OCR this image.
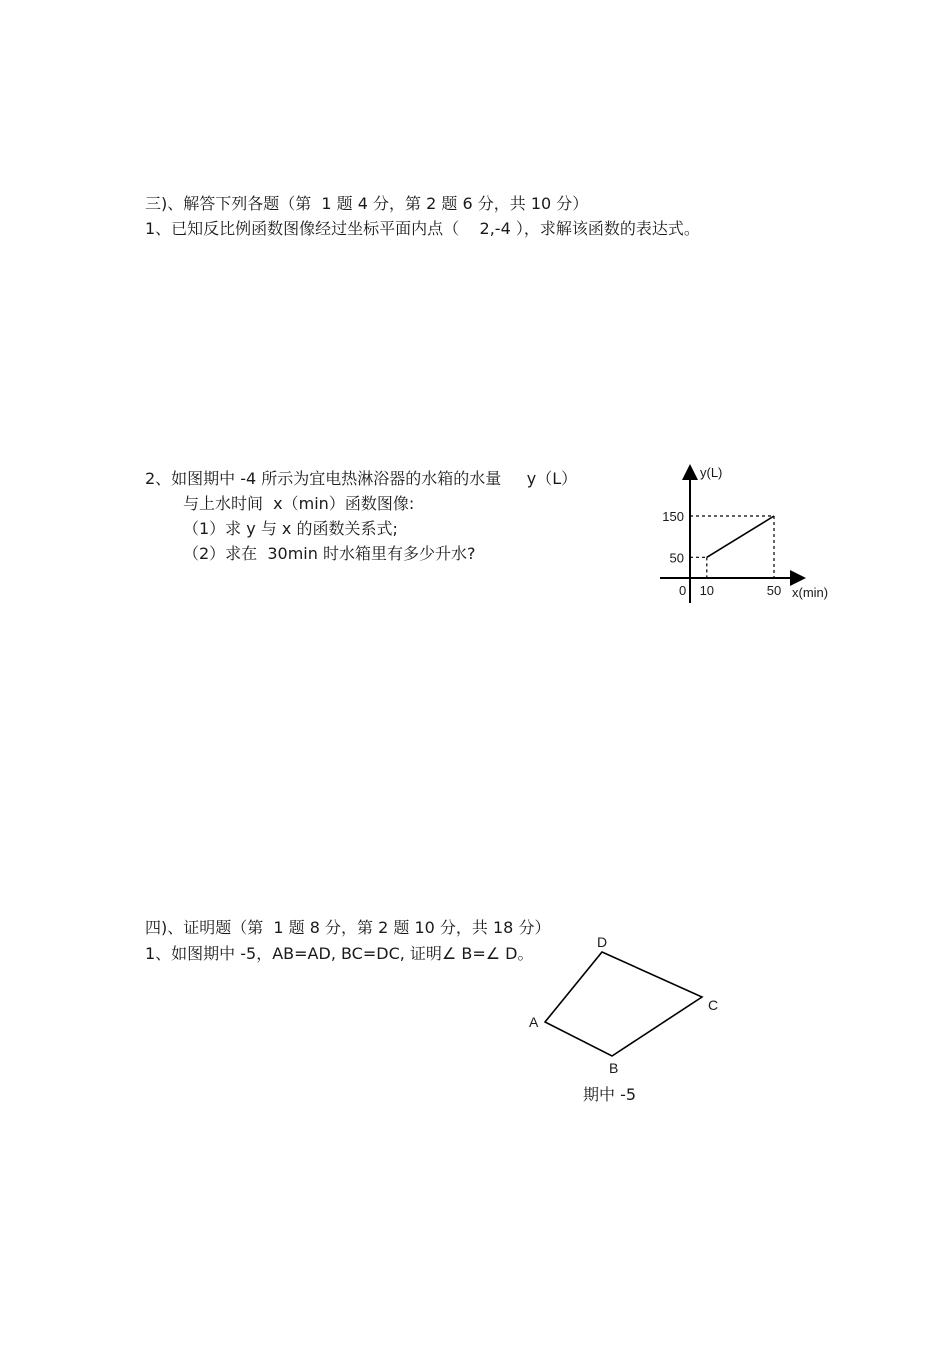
三)、解答下列各题（第  1 题 4 分，第 2 题 6 分，共 10 分）
1、已知反比例函数图像经过坐标平面内点（    2,-4 ），求解该函数的表达式。
2、如图期中 -4 所示为宜电热淋浴器的水箱的水量     y（L）
与上水时间  x（min）函数图像:
（1）求 y 与 x 的函数关系式;
（2）求在  30min 时水箱里有多少升水?
y(L)
x(min)
0 10	50
50
150
四)、证明题（第  1 题 8 分，第 2 题 10 分，共 18 分）
1、如图期中 -5，AB=AD, BC=DC, 证明∠ B=∠ D。
D
C
A
B
期中 -5
